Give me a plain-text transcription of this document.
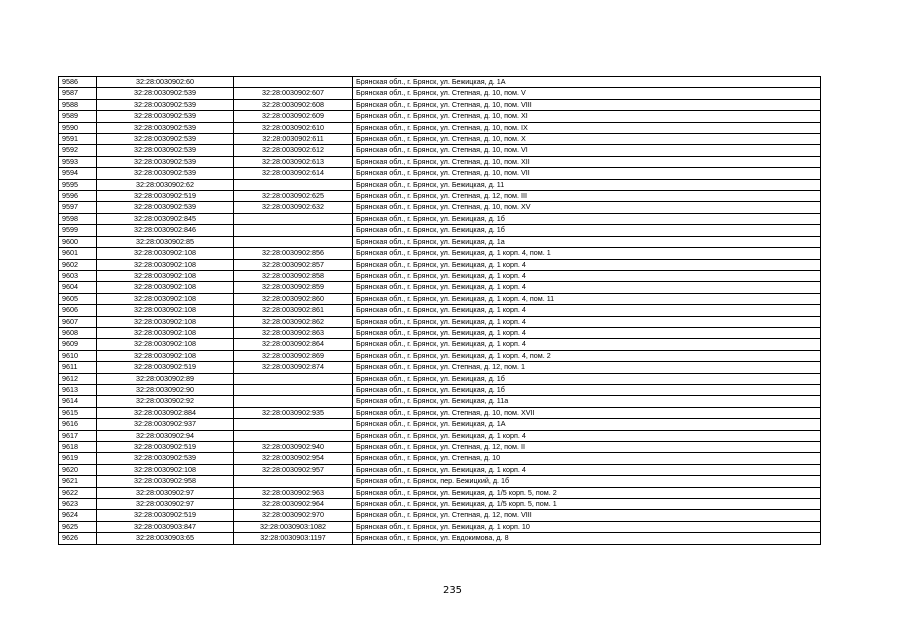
9586	32:28:0030902:60		Брянская обл., г. Брянск, ул. Бежицкая, д. 1А
9587	32:28:0030902:539	32:28:0030902:607	Брянская обл., г. Брянск, ул. Степная, д. 10, пом. V
9588	32:28:0030902:539	32:28:0030902:608	Брянская обл., г. Брянск, ул. Степная, д. 10, пом. VIII
9589	32:28:0030902:539	32:28:0030902:609	Брянская обл., г. Брянск, ул. Степная, д. 10, пом. XI
9590	32:28:0030902:539	32:28:0030902:610	Брянская обл., г. Брянск, ул. Степная, д. 10, пом. IX
9591	32:28:0030902:539	32:28:0030902:611	Брянская обл., г. Брянск, ул. Степная, д. 10, пом. X
9592	32:28:0030902:539	32:28:0030902:612	Брянская обл., г. Брянск, ул. Степная, д. 10, пом. VI
9593	32:28:0030902:539	32:28:0030902:613	Брянская обл., г. Брянск, ул. Степная, д. 10, пом. XII
9594	32:28:0030902:539	32:28:0030902:614	Брянская обл., г. Брянск, ул. Степная, д. 10, пом. VII
9595	32:28:0030902:62		Брянская обл., г. Брянск, ул. Бежицкая, д. 11
9596	32:28:0030902:519	32:28:0030902:625	Брянская обл., г. Брянск, ул. Степная, д. 12, пом. III
9597	32:28:0030902:539	32:28:0030902:632	Брянская обл., г. Брянск, ул. Степная, д. 10, пом. XV
9598	32:28:0030902:845		Брянская обл., г. Брянск, ул. Бежицкая, д. 1б
9599	32:28:0030902:846		Брянская обл., г. Брянск, ул. Бежицкая, д. 1б
9600	32:28:0030902:85		Брянская обл., г. Брянск, ул. Бежицкая, д. 1а
9601	32:28:0030902:108	32:28:0030902:856	Брянская обл., г. Брянск, ул. Бежицкая, д. 1 корп. 4, пом. 1
9602	32:28:0030902:108	32:28:0030902:857	Брянская обл., г. Брянск, ул. Бежицкая, д. 1 корп. 4
9603	32:28:0030902:108	32:28:0030902:858	Брянская обл., г. Брянск, ул. Бежицкая, д. 1 корп. 4
9604	32:28:0030902:108	32:28:0030902:859	Брянская обл., г. Брянск, ул. Бежицкая, д. 1 корп. 4
9605	32:28:0030902:108	32:28:0030902:860	Брянская обл., г. Брянск, ул. Бежицкая, д. 1 корп. 4, пом. 11
9606	32:28:0030902:108	32:28:0030902:861	Брянская обл., г. Брянск, ул. Бежицкая, д. 1 корп. 4
9607	32:28:0030902:108	32:28:0030902:862	Брянская обл., г. Брянск, ул. Бежицкая, д. 1 корп. 4
9608	32:28:0030902:108	32:28:0030902:863	Брянская обл., г. Брянск, ул. Бежицкая, д. 1 корп. 4
9609	32:28:0030902:108	32:28:0030902:864	Брянская обл., г. Брянск, ул. Бежицкая, д. 1 корп. 4
9610	32:28:0030902:108	32:28:0030902:869	Брянская обл., г. Брянск, ул. Бежицкая, д. 1 корп. 4, пом. 2
9611	32:28:0030902:519	32:28:0030902:874	Брянская обл., г. Брянск, ул. Степная, д. 12, пом. 1
9612	32:28:0030902:89		Брянская обл., г. Брянск, ул. Бежицкая, д. 1б
9613	32:28:0030902:90		Брянская обл., г. Брянск, ул. Бежицкая, д. 1б
9614	32:28:0030902:92		Брянская обл., г. Брянск, ул. Бежицкая, д. 11а
9615	32:28:0030902:884	32:28:0030902:935	Брянская обл., г. Брянск, ул. Степная, д. 10, пом. XVII
9616	32:28:0030902:937		Брянская обл., г. Брянск, ул. Бежицкая, д. 1А
9617	32:28:0030902:94		Брянская обл., г. Брянск, ул. Бежицкая, д. 1 корп. 4
9618	32:28:0030902:519	32:28:0030902:940	Брянская обл., г. Брянск, ул. Степная, д. 12, пом. II
9619	32:28:0030902:539	32:28:0030902:954	Брянская обл., г. Брянск, ул. Степная, д. 10
9620	32:28:0030902:108	32:28:0030902:957	Брянская обл., г. Брянск, ул. Бежицкая, д. 1 корп. 4
9621	32:28:0030902:958		Брянская обл., г. Брянск, пер. Бежицкий, д. 1б
9622	32:28:0030902:97	32:28:0030902:963	Брянская обл., г. Брянск, ул. Бежицкая, д. 1/5 корп. 5, пом. 2
9623	32:28:0030902:97	32:28:0030902:964	Брянская обл., г. Брянск, ул. Бежицкая, д. 1/5 корп. 5, пом. 1
9624	32:28:0030902:519	32:28:0030902:970	Брянская обл., г. Брянск, ул. Степная, д. 12, пом. VIII
9625	32:28:0030903:847	32:28:0030903:1082	Брянская обл., г. Брянск, ул. Бежицкая, д. 1 корп. 10
9626	32:28:0030903:65	32:28:0030903:1197	Брянская обл., г. Брянск, ул. Евдокимова, д. 8
235
